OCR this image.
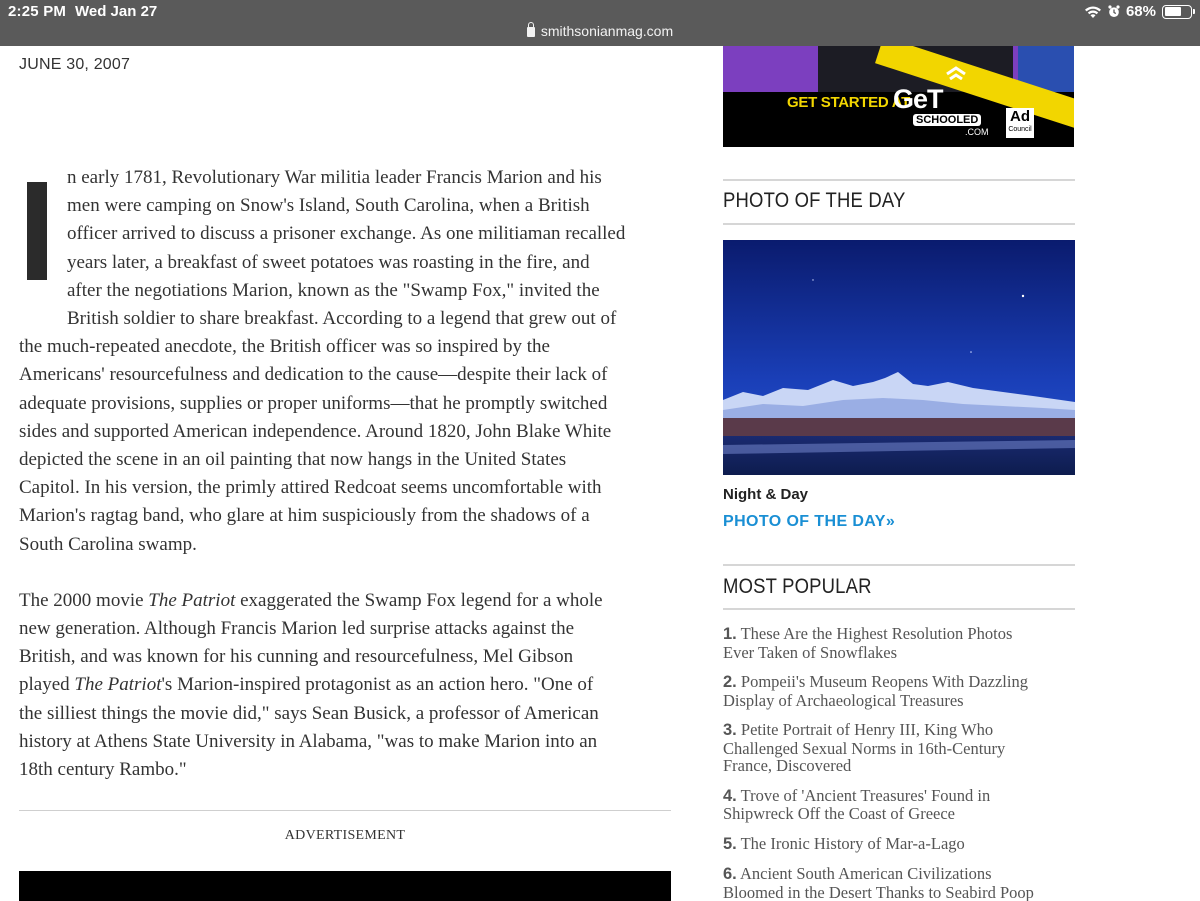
2:25 PM Wed Jan 27	68%
smithsonianmag.com
JUNE 30, 2007

n early 1781, Revolutionary War militia leader Francis Marion and his
men were camping on Snow's Island, South Carolina, when a British
officer arrived to discuss a prisoner exchange. As one militiaman recalled
years later, a breakfast of sweet potatoes was roasting in the fire, and
after the negotiations Marion, known as the "Swamp Fox," invited the
British soldier to share breakfast. According to a legend that grew out of
the much-repeated anecdote, the British officer was so inspired by the
Americans' resourcefulness and dedication to the cause—despite their lack of
adequate provisions, supplies or proper uniforms—that he promptly switched
sides and supported American independence. Around 1820, John Blake White
depicted the scene in an oil painting that now hangs in the United States
Capitol. In his version, the primly attired Redcoat seems uncomfortable with
Marion's ragtag band, who glare at him suspiciously from the shadows of a
South Carolina swamp.

The 2000 movie The Patriot exaggerated the Swamp Fox legend for a whole
new generation. Although Francis Marion led surprise attacks against the
British, and was known for his cunning and resourcefulness, Mel Gibson
played The Patriot's Marion-inspired protagonist as an action hero. "One of
the silliest things the movie did," says Sean Busick, a professor of American
history at Athens State University in Alabama, "was to make Marion into an
18th century Rambo."

ADVERTISEMENT
GET STARTED AT
GeT
SCHOOLED
.COM
Ad
Council
PHOTO OF THE DAY
Night & Day
PHOTO OF THE DAY»
MOST POPULAR
1. These Are the Highest Resolution Photos
Ever Taken of Snowflakes
2. Pompeii's Museum Reopens With Dazzling
Display of Archaeological Treasures
3. Petite Portrait of Henry III, King Who
Challenged Sexual Norms in 16th-Century
France, Discovered
4. Trove of 'Ancient Treasures' Found in
Shipwreck Off the Coast of Greece
5. The Ironic History of Mar-a-Lago
6. Ancient South American Civilizations
Bloomed in the Desert Thanks to Seabird Poop
